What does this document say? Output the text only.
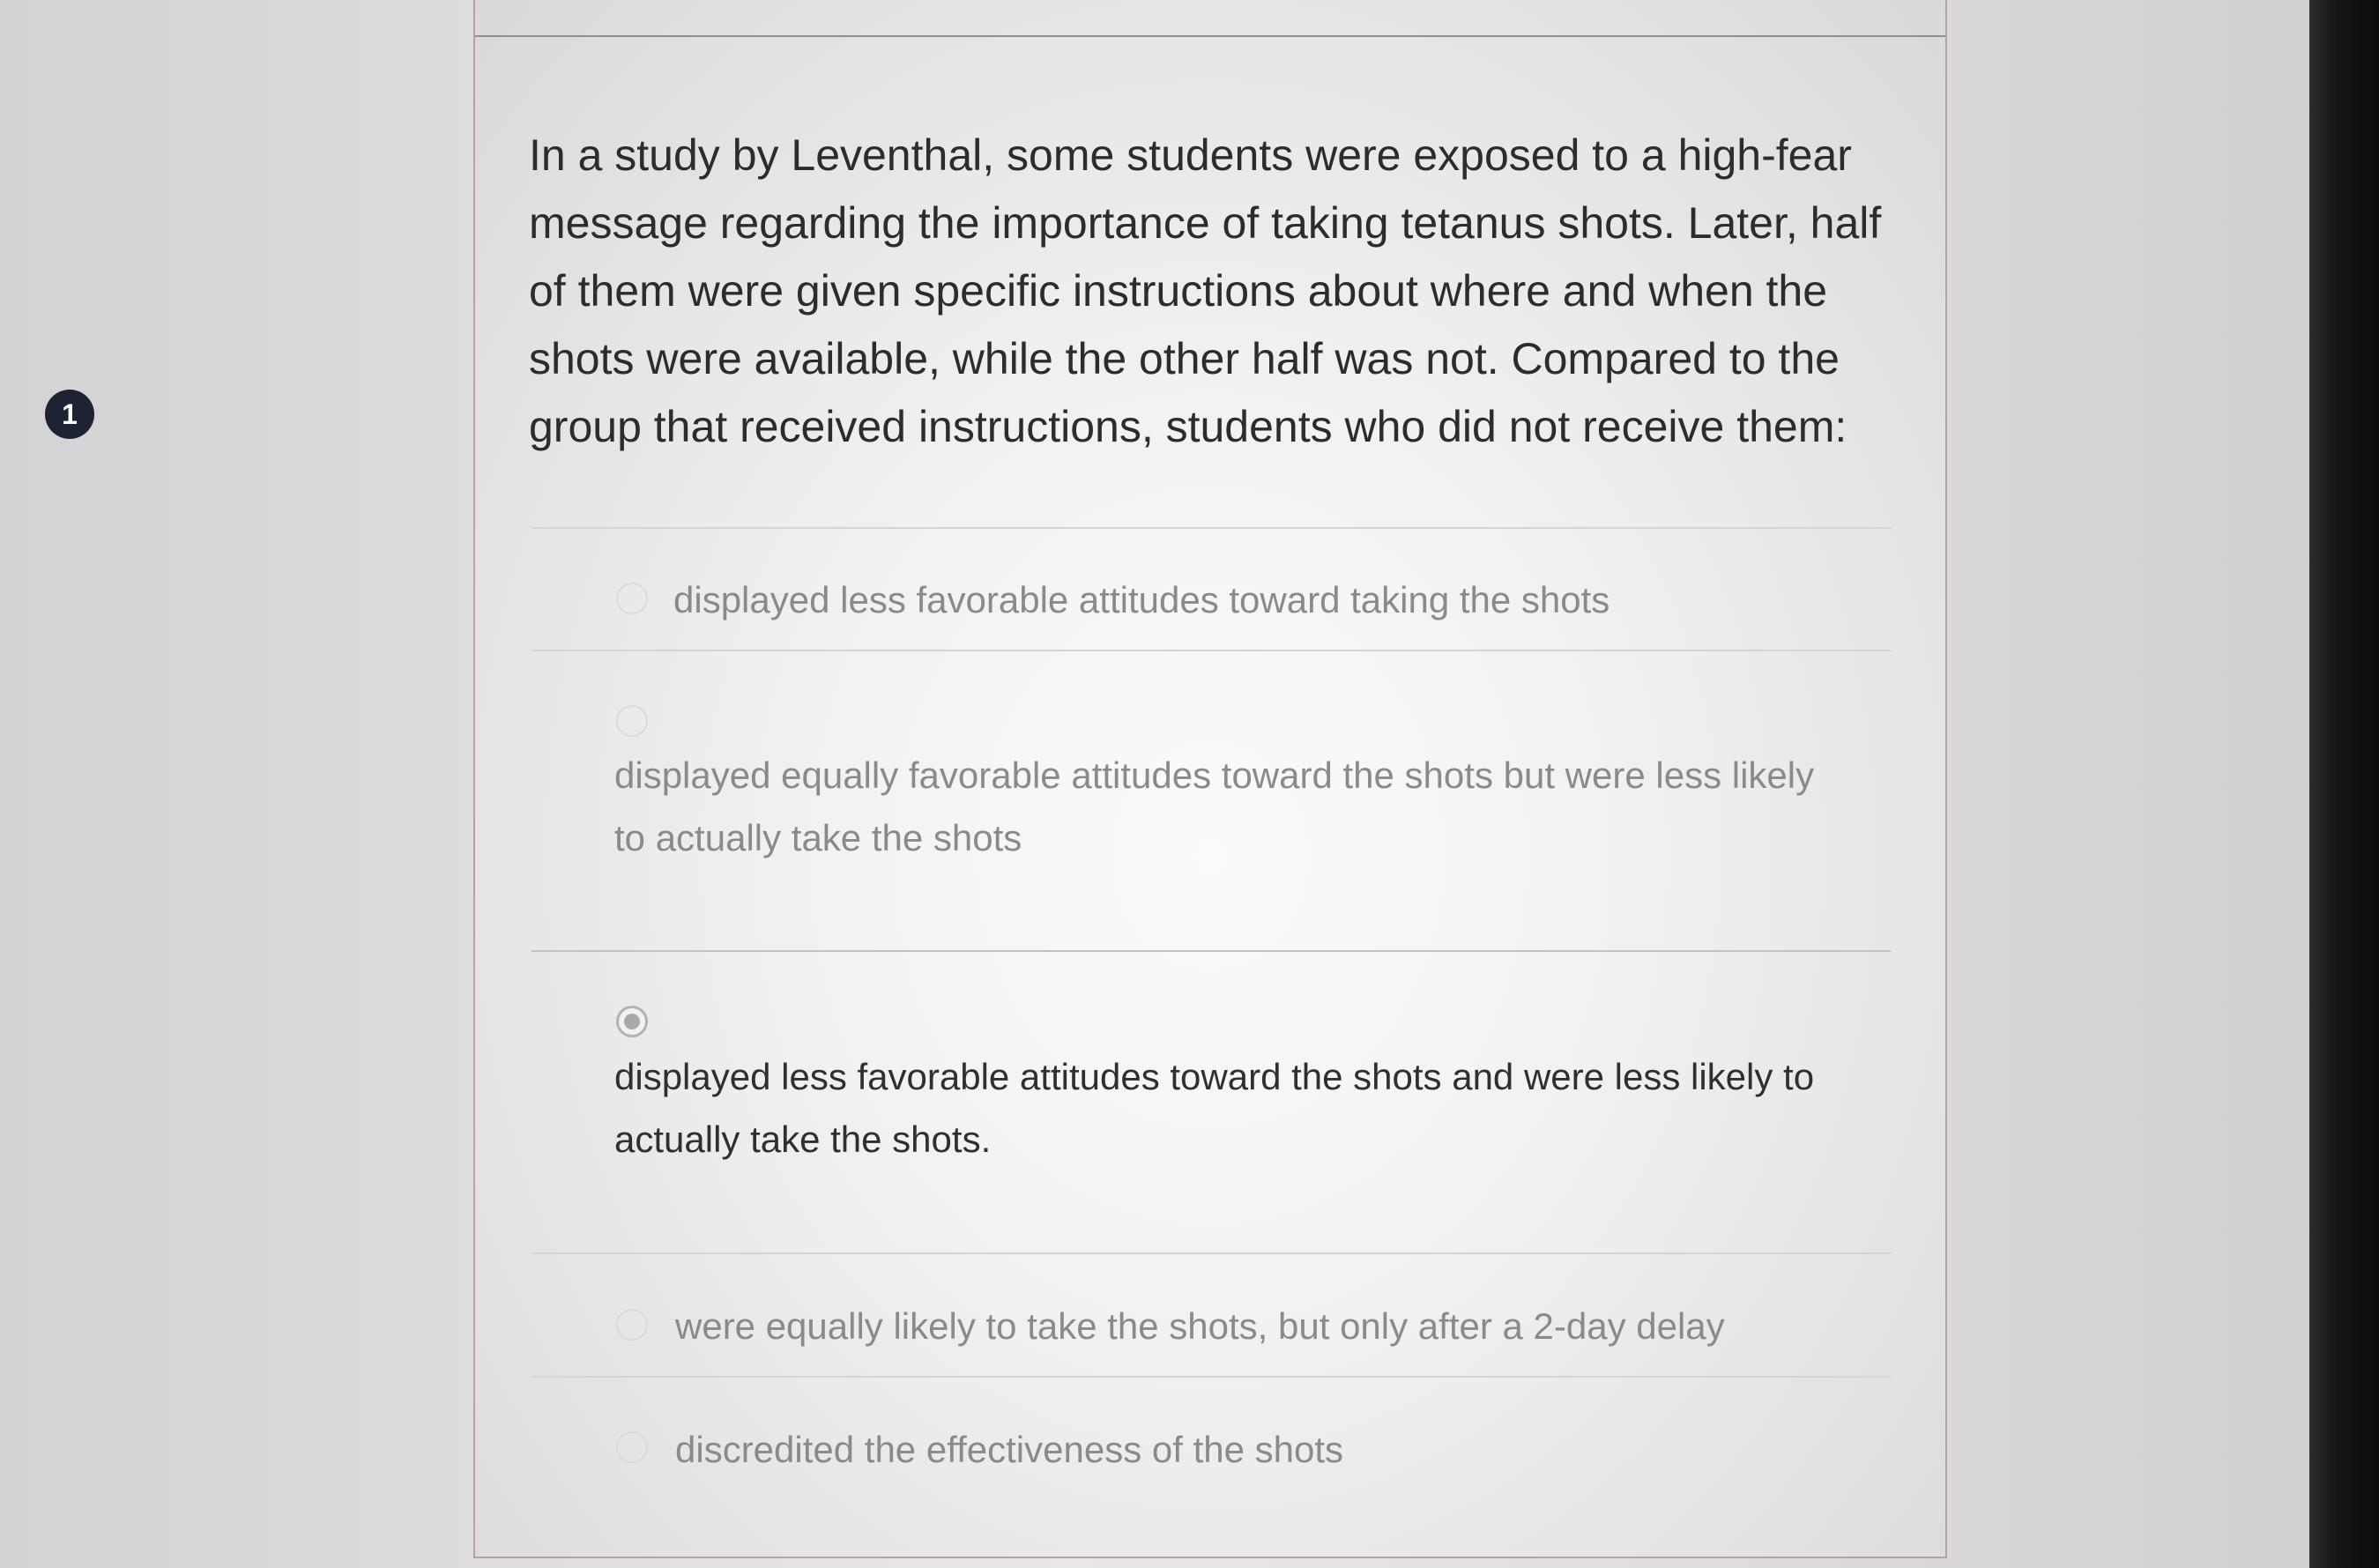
1

In a study by Leventhal, some students were exposed to a high-fear message regarding the importance of taking tetanus shots. Later, half of them were given specific instructions about where and when the shots were available, while the other half was not. Compared to the group that received instructions, students who did not receive them:

displayed less favorable attitudes toward taking the shots

displayed equally favorable attitudes toward the shots but were less likely to actually take the shots

displayed less favorable attitudes toward the shots and were less likely to actually take the shots.

were equally likely to take the shots, but only after a 2-day delay

discredited the effectiveness of the shots
